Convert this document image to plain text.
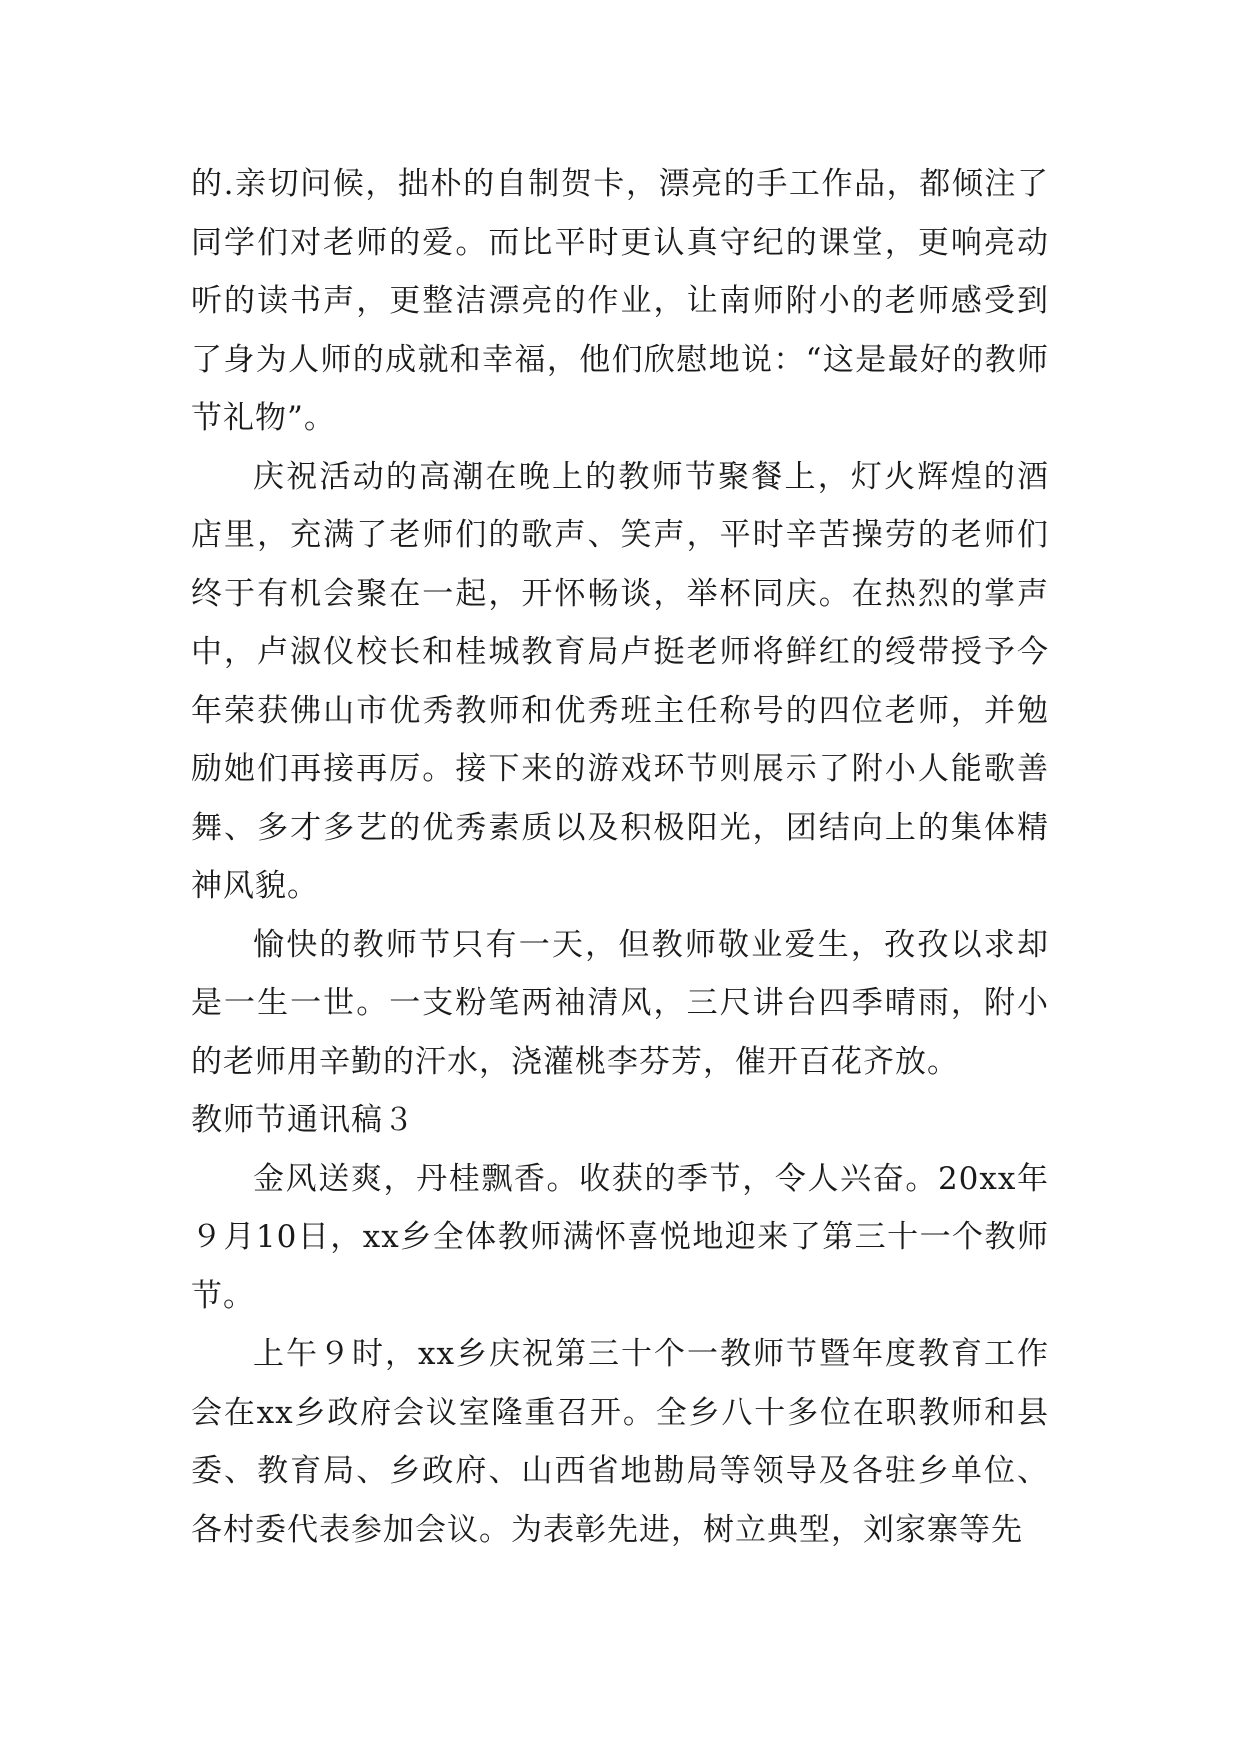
的.亲切问候，拙朴的自制贺卡，漂亮的手工作品，都倾注了同学们对老师的爱。而比平时更认真守纪的课堂，更响亮动听的读书声，更整洁漂亮的作业，让南师附小的老师感受到了身为人师的成就和幸福，他们欣慰地说：“这是最好的教师节礼物”。

庆祝活动的高潮在晚上的教师节聚餐上，灯火辉煌的酒店里，充满了老师们的歌声、笑声，平时辛苦操劳的老师们终于有机会聚在一起，开怀畅谈，举杯同庆。在热烈的掌声中，卢淑仪校长和桂城教育局卢挺老师将鲜红的绶带授予今年荣获佛山市优秀教师和优秀班主任称号的四位老师，并勉励她们再接再厉。接下来的游戏环节则展示了附小人能歌善舞、多才多艺的优秀素质以及积极阳光，团结向上的集体精神风貌。

愉快的教师节只有一天，但教师敬业爱生，孜孜以求却是一生一世。一支粉笔两袖清风，三尺讲台四季晴雨，附小的老师用辛勤的汗水，浇灌桃李芬芳，催开百花齐放。

教师节通讯稿３

金风送爽，丹桂飘香。收获的季节，令人兴奋。20xx年９月10日，xx乡全体教师满怀喜悦地迎来了第三十一个教师节。

上午９时，xx乡庆祝第三十个一教师节暨年度教育工作会在xx乡政府会议室隆重召开。全乡八十多位在职教师和县委、教育局、乡政府、山西省地勘局等领导及各驻乡单位、各村委代表参加会议。为表彰先进，树立典型，刘家寨等先
